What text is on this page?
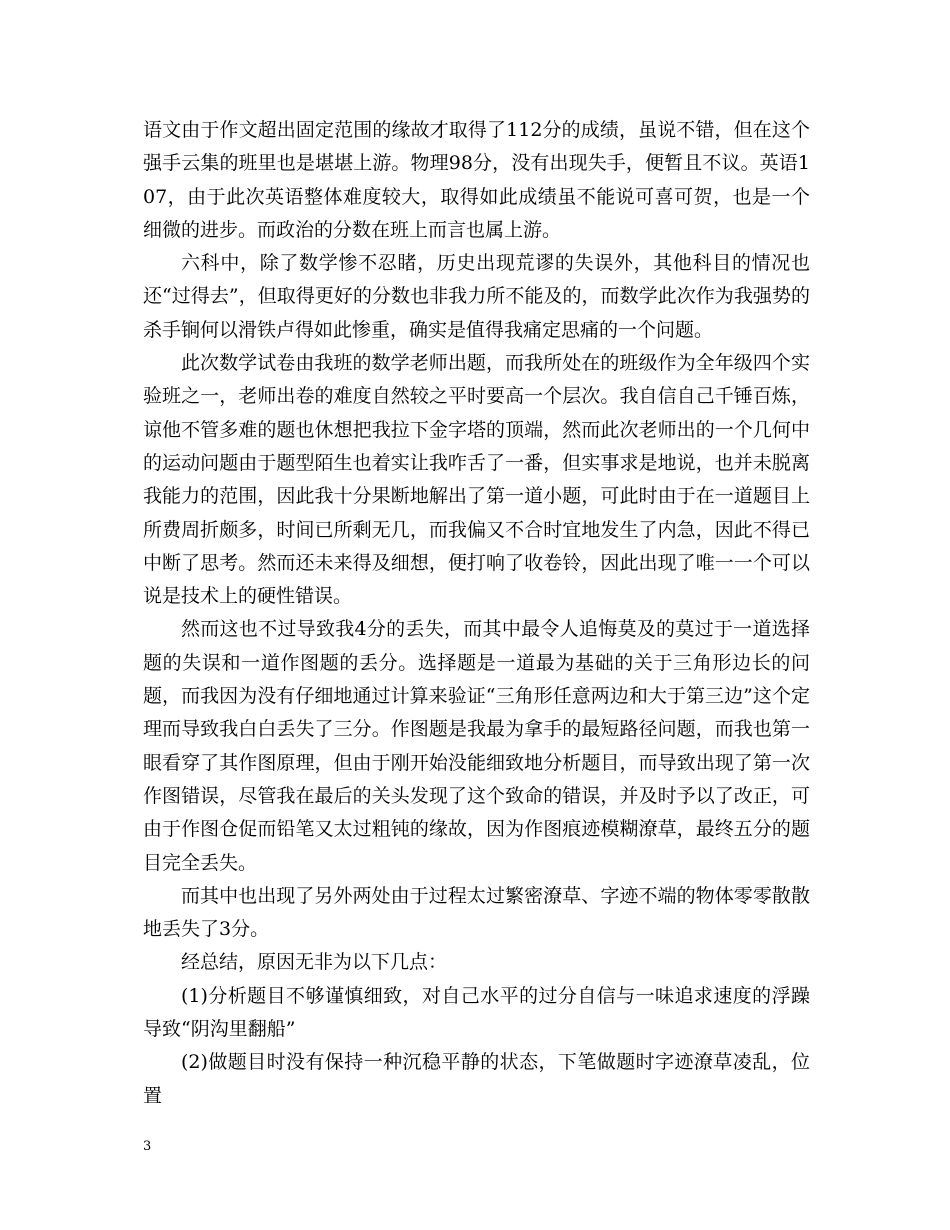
语文由于作文超出固定范围的缘故才取得了112分的成绩，虽说不错，但在这个强手云集的班里也是堪堪上游。物理98分，没有出现失手，便暂且不议。英语107，由于此次英语整体难度较大，取得如此成绩虽不能说可喜可贺，也是一个细微的进步。而政治的分数在班上而言也属上游。

六科中，除了数学惨不忍睹，历史出现荒谬的失误外，其他科目的情况也还“过得去”，但取得更好的分数也非我力所不能及的，而数学此次作为我强势的杀手锏何以滑铁卢得如此惨重，确实是值得我痛定思痛的一个问题。

此次数学试卷由我班的数学老师出题，而我所处在的班级作为全年级四个实验班之一，老师出卷的难度自然较之平时要高一个层次。我自信自己千锤百炼，谅他不管多难的题也休想把我拉下金字塔的顶端，然而此次老师出的一个几何中的运动问题由于题型陌生也着实让我咋舌了一番，但实事求是地说，也并未脱离我能力的范围，因此我十分果断地解出了第一道小题，可此时由于在一道题目上所费周折颇多，时间已所剩无几，而我偏又不合时宜地发生了内急，因此不得已中断了思考。然而还未来得及细想，便打响了收卷铃，因此出现了唯一一个可以说是技术上的硬性错误。

然而这也不过导致我4分的丢失，而其中最令人追悔莫及的莫过于一道选择题的失误和一道作图题的丢分。选择题是一道最为基础的关于三角形边长的问题，而我因为没有仔细地通过计算来验证“三角形任意两边和大于第三边”这个定理而导致我白白丢失了三分。作图题是我最为拿手的最短路径问题，而我也第一眼看穿了其作图原理，但由于刚开始没能细致地分析题目，而导致出现了第一次作图错误，尽管我在最后的关头发现了这个致命的错误，并及时予以了改正，可由于作图仓促而铅笔又太过粗钝的缘故，因为作图痕迹模糊潦草，最终五分的题目完全丢失。

而其中也出现了另外两处由于过程太过繁密潦草、字迹不端的物体零零散散地丢失了3分。

经总结，原因无非为以下几点：

(1)分析题目不够谨慎细致，对自己水平的过分自信与一味追求速度的浮躁导致“阴沟里翻船”

(2)做题目时没有保持一种沉稳平静的状态，下笔做题时字迹潦草凌乱，位置

3
